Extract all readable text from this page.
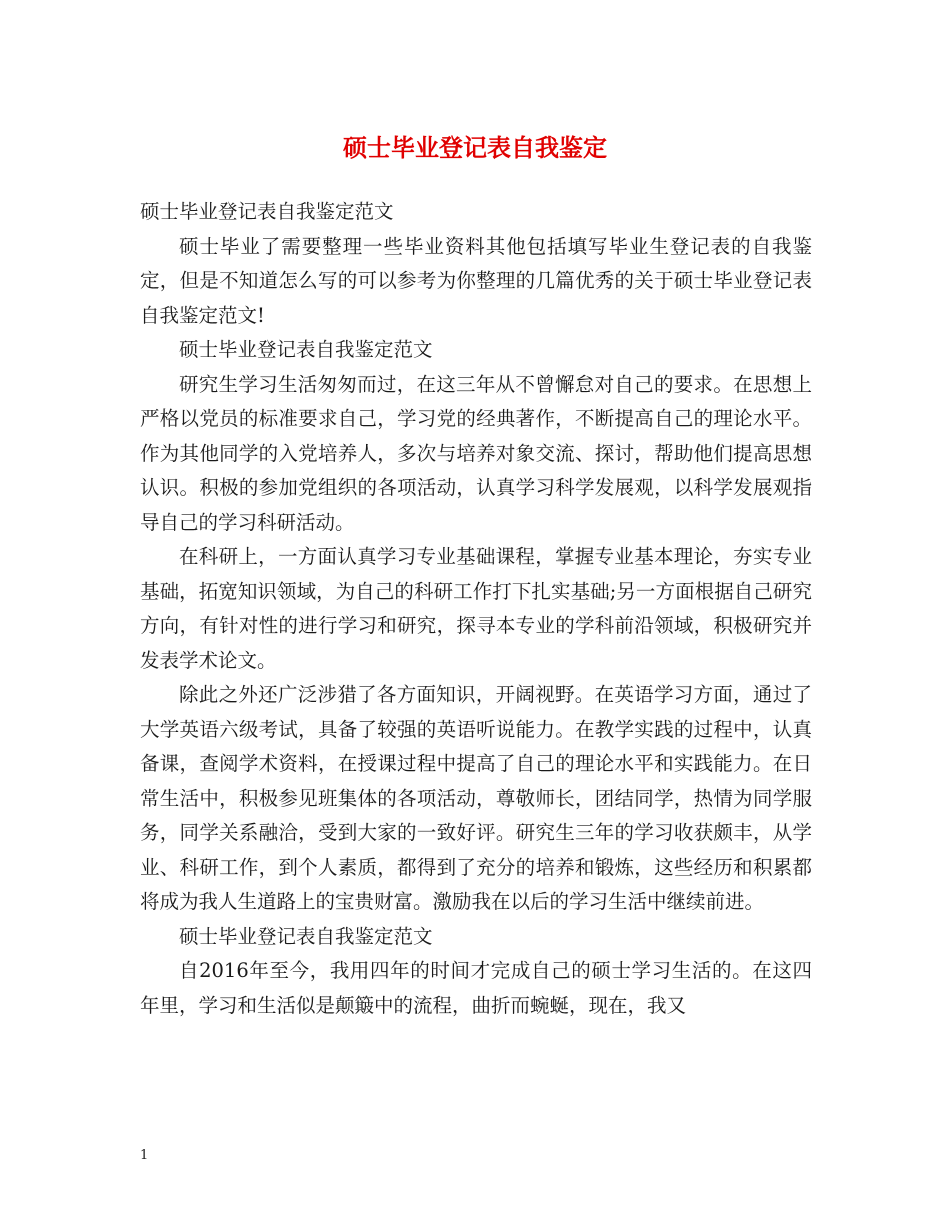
硕士毕业登记表自我鉴定

硕士毕业登记表自我鉴定范文

硕士毕业了需要整理一些毕业资料其他包括填写毕业生登记表的自我鉴定，但是不知道怎么写的可以参考为你整理的几篇优秀的关于硕士毕业登记表自我鉴定范文!

硕士毕业登记表自我鉴定范文

研究生学习生活匆匆而过，在这三年从不曾懈怠对自己的要求。在思想上严格以党员的标准要求自己，学习党的经典著作，不断提高自己的理论水平。作为其他同学的入党培养人，多次与培养对象交流、探讨，帮助他们提高思想认识。积极的参加党组织的各项活动，认真学习科学发展观，以科学发展观指导自己的学习科研活动。

在科研上，一方面认真学习专业基础课程，掌握专业基本理论，夯实专业基础，拓宽知识领域，为自己的科研工作打下扎实基础;另一方面根据自己研究方向，有针对性的进行学习和研究，探寻本专业的学科前沿领域，积极研究并发表学术论文。

除此之外还广泛涉猎了各方面知识，开阔视野。在英语学习方面，通过了大学英语六级考试，具备了较强的英语听说能力。在教学实践的过程中，认真备课，查阅学术资料，在授课过程中提高了自己的理论水平和实践能力。在日常生活中，积极参见班集体的各项活动，尊敬师长，团结同学，热情为同学服务，同学关系融洽，受到大家的一致好评。研究生三年的学习收获颇丰，从学业、科研工作，到个人素质，都得到了充分的培养和锻炼，这些经历和积累都将成为我人生道路上的宝贵财富。激励我在以后的学习生活中继续前进。

硕士毕业登记表自我鉴定范文

自2016年至今，我用四年的时间才完成自己的硕士学习生活的。在这四年里，学习和生活似是颠簸中的流程，曲折而蜿蜒，现在，我又

1
